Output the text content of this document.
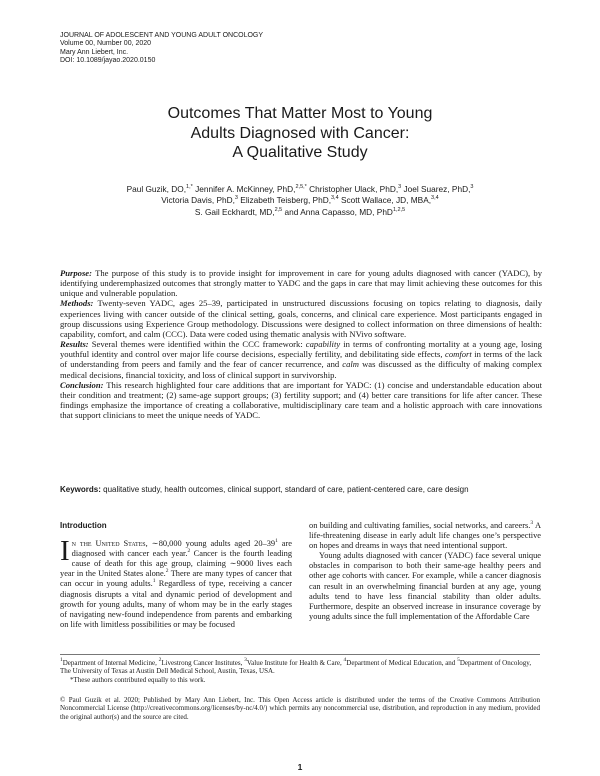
JOURNAL OF ADOLESCENT AND YOUNG ADULT ONCOLOGY
Volume 00, Number 00, 2020
Mary Ann Liebert, Inc.
DOI: 10.1089/jayao.2020.0150
Outcomes That Matter Most to Young
Adults Diagnosed with Cancer:
A Qualitative Study
Paul Guzik, DO,$^{1,*}$ Jennifer A. McKinney, PhD,$^{2,5,*}$ Christopher Ulack, PhD,$^3$ Joel Suarez, PhD,$^3$
Victoria Davis, PhD,$^3$ Elizabeth Teisberg, PhD,$^{3,4}$ Scott Wallace, JD, MBA,$^{3,4}$
S. Gail Eckhardt, MD,$^{2,5}$ and Anna Capasso, MD, PhD$^{1,2,5}$

Purpose: The purpose of this study is to provide insight for improvement in care for young adults diagnosed with cancer (YADC), by identifying underemphasized outcomes that strongly matter to YADC and the gaps in care that may limit achieving these outcomes for this unique and vulnerable population.

Methods: Twenty-seven YADC, ages 25–39, participated in unstructured discussions focusing on topics relating to diagnosis, daily experiences living with cancer outside of the clinical setting, goals, concerns, and clinical care experience. Most participants engaged in group discussions using Experience Group methodology. Discussions were designed to collect information on three dimensions of health: capability, comfort, and calm (CCC). Data were coded using thematic analysis with NVivo software.

Results: Several themes were identified within the CCC framework: capability in terms of confronting mortality at a young age, losing youthful identity and control over major life course decisions, especially fertility, and debilitating side effects, comfort in terms of the lack of understanding from peers and family and the fear of cancer recurrence, and calm was discussed as the difficulty of making complex medical decisions, financial toxicity, and loss of clinical support in survivorship.

Conclusion: This research highlighted four care additions that are important for YADC: (1) concise and understandable education about their condition and treatment; (2) same-age support groups; (3) fertility support; and (4) better care transitions for life after cancer. These findings emphasize the importance of creating a collaborative, multidisciplinary care team and a holistic approach with care innovations that support clinicians to meet the unique needs of YADC.

Keywords: qualitative study, health outcomes, clinical support, standard of care, patient-centered care, care design
Introduction

In the United States, ∼80,000 young adults aged $20-39^1$ are diagnosed with cancer each year.$^2$ Cancer is the fourth leading cause of death for this age group, claiming ∼9000 lives each year in the United States alone.$^2$ There are many types of cancer that can occur in young adults.$^1$ Regardless of type, receiving a cancer diagnosis disrupts a vital and dynamic period of development and growth for young adults, many of whom may be in the early stages of navigating new-found independence from parents and embarking on life with limitless possibilities or may be focused

on building and cultivating families, social networks, and careers.$^3$ A life-threatening disease in early adult life changes one’s perspective on hopes and dreams in ways that need intentional support.

Young adults diagnosed with cancer (YADC) face several unique obstacles in comparison to both their same-age healthy peers and other age cohorts with cancer. For example, while a cancer diagnosis can result in an overwhelming financial burden at any age, young adults tend to have less financial stability than older adults. Furthermore, despite an observed increase in insurance coverage by young adults since the full implementation of the Affordable Care

$^1$Department of Internal Medicine, $^2$Livestrong Cancer Institutes, $^3$Value Institute for Health & Care, $^4$Department of Medical Education, and $^5$Department of Oncology, The University of Texas at Austin Dell Medical School, Austin, Texas, USA.

*These authors contributed equally to this work.

© Paul Guzik et al. 2020; Published by Mary Ann Liebert, Inc. This Open Access article is distributed under the terms of the Creative Commons Attribution Noncommercial License (http://creativecommons.org/licenses/by-nc/4.0/) which permits any noncommercial use, distribution, and reproduction in any medium, provided the original author(s) and the source are cited.
1
